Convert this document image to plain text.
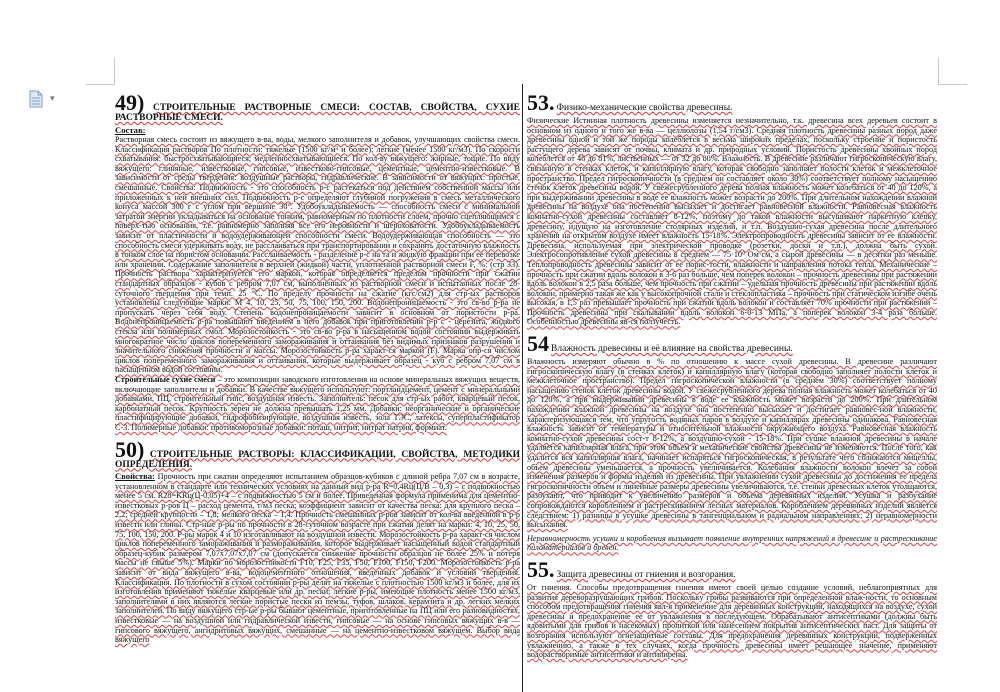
▾	49) СТРОИТЕЛЬНЫЕ РАСТВОРНЫЕ СМЕСИ: СОСТАВ, СВОЙСТВА, СУХИЕ РАСТВОРНЫЕ СМЕСИ.

Состав:
Растворная смесь состоит из вяжущего в-ва, воды, мелкого заполнителя и добавок, улучшающих свойства смеси. Классификация растворов По плотности: тяжелые (1500 кг/м³ и более); легкие (менее 1500 кг/м3). По скорости схватывания: быстросхватывающиеся; медленносхватывающиеся. По кол-ву вяжущего: жирные, тощие. По виду вяжущего: глиняные, известковые, гипсовые, известково-гипсовые, цементные, цементно-известковые. В зависимости от среды твердения: воздушные растворы, гидравлические. В зависимости от вяжущих: простые, смешанные. Свойства: Подвижность - это способность р-с растекаться под действием собственной массы или приложенных к ней внешних сил. Подвижность р-с определяют глубиной погружения в смесь металлического конуса массой 300 г с углом при вершине 30°. Удобоукладываемость — способность смеси с минимальной затратой энергии укладываться на основание тонким, равномерным по плотности слоем, прочно сцепляющимся с поверх-тью основания, т.е. равномерно заполняя все его неровности и шероховатости. Удобоукладываемость зависит от пластичности и водоудерживающей способности смеси. Водоудерживающая способность — это способность смеси удерживать воду, не расслаиваться при транспортировании и сохранять достаточную влажность в тонком слое на пористом основании. Расслаиваемость - разделение р-с на та и жидкую фракции при ее перевозке или хранении. Содержание заполнителя в верхней (жидкой) части, уплотненной растворной смеси F, %: (стр 33). Прочность раствора характеризуется его маркой, которая определяется пределом прочности при сжатии стандартных образцов - кубов с ребром 7,07 см, выполненных из растворной смеси и испытанных после 28-суточного твердения при темп. 25 °C. По пределу прочности на сжатие (кгс/см2) для стр-ых растворов установлены следующие марки: М 4, 10, 25, 50, 75, 100, 150, 200. Водонепроницаемость - это св-во р-ра не пропускать через себя воду. Степень водонепроницаемости зависит в основном от пористости р-ра. Водонепроницаемость р-ра повышают введением в него добавок при приготовлении р-р с - церезита, жидкого стекла или полимерных смол. Морозостойкость - это св-во р-ра в насыщенном водой состоянии выдерживать многократное число циклов попеременного замораживания и оттаивания без видимых признаков разрушения и значительного снижения прочности и массы. Морозостойкость р-ра характ-ся маркой (F). Марка опр-ся числом циклов попеременного замораживания и оттаивания, которые выдерживает образец - куб с ребром 7,07 см в насыщенном водой состоянии.
Строительные сухие смеси – это композиции заводского изготовления на основе минеральных вяжущих веществ, включающие заполнители и добавки. В качестве вяжущего используют: портландцемент, цемент с минеральными добавками, ПЦ, строительный гипс, воздушная известь. Заполнитель: песок для стр-ых работ, кварцевый песок, карбонатный песок. Крупность зерен не должна превышать 1,25 мм. Добавки: неорганические и органические пластифицирующие добавки, гидрофобизирующие, воздушная известь, зола ТЭС, латексы, суперпластификатор С-3. Полимерные добавки: противоморозные добавки: поташ, нитрит, нитрат натрия, формиат.

50) СТРОИТЕЛЬНЫЕ РАСТВОРЫ: КЛАССИФИКАЦИИ, СВОЙСТВА, МЕТОДИКИ ОПРЕДЕЛЕНИЯ.

Свойства: Прочность при сжатии определяют испытанием образцов-кубиков с длиной ребра 7,07 см в возрасте, установленном в стандарте или технических условиях на данный вид р-ра R=0,4Rц(Ц/В – 0,3) – с подвижностью менее 5 см. R28=KRц(Ц-0,05)+4 – с подвижностью 5 см и более. Приведенная формула применима для цементно-известковых р-ров Ц – расход цемента, т/м3 песка; коэффициент зависит от качества песка: для крупного песка – 2,2; средней крупности – 1,8; мелкого песка – 1,4. Прочность смешанных р-ров зависит от кол-ва введенной в р-р извести или глины. Стр-ные р-ры по прочности в 28-суточном возрасте при сжатии делят на марки: 4, 10, 25, 50, 75, 100, 150, 200. Р-ры марок 4 и 10 изготавливают на воздушной извести. Морозостойкость р-ра характ-ся числом циклов попеременного замораживания и размораживания, которое выдерживает насыщенный водой стандартный образец-кубик размером 7,07х7,07х7,07 см (допускается снижение прочности образцов не более 25% и потеря массы не свыше 5%). Марки по морозостойкости F10, F25, F35, F50, F100, F150, F200. Морозостойкость р-ра зависит от вида вяжущего в-ва, водоцементного отношения, введенных добавок и условий твердения. Классификация. По плотности в сухом состоянии р-ры делят на тяжелые с плотностью 1500 кг/м3 и более, для их изготовления применяют тяжелые кварцевые или др. пески; легкие р-ры, имеющие плотность менее 1500 кг/м3, заполнителями в них являются легкие пористые пески из пемзы, туфов, шлаков, керамзита и др. легких мелких заполнителей. По виду вяжущего стр-ые р-ры бывают цементные, приготовленные на ПЦ или его разновидностях, известковые — на воздушной или гидравлической извести, гипсовые — на основе гипсовых вяжущих в-в — гипсового вяжущего, ангидритовых вяжущих, смешанные — на цементно-известковом вяжущем. Выбор вида вяжущего

53. Физико-механические свойства древесины.

Физические Истинная плотность древесины изменяется незначительно, т.к. древесина всех деревьев состоит в основном из одного и того же в-ва — целлюлозы (1,54 г/см3). Средняя плотность древесины разных пород даже древесины одной и той же породы колеблется в весьма широких пределах, поскольку строение и пористость растущего дерева зависят от почвы, климата и др. природных условий. Пористость древесины хвойных пород колеблется от 46 до 81%, лиственных — от 32 до 80%. Влажность. В древесине различают гигроскопическую влагу, связанную в стенках клеток, и капиллярную влагу, которая свободно заполняет полости клеток и межклеточное пространство. Предел гигроскопичности (в среднем он составляет около 30%) соответствует полному насыщению стенок клеток древесины водой. У свежесрубленного дерева полная влажность может колебаться от 40 до 120%, а при выдерживании древесины в воде ее влажность может возрасти до 200%. При длительном нахождении влажной древесины на воздухе она постепенно высыхает и достигает равновесной влажности. Равновесная влажность комнатно-сухой древесины составляет 8-12%, поэтому до такой влажности высушивают паркетную клепку, древесину, идущую на изготовление столярных изделий, и т.п. Воздушно-сухая древесина после длительного хранения на открытом воздухе имеет влажность 15-18%. Электропроводность древесины зависит от ее влажности. Древесина, используемая при электрической проводке (розетки, доски и т.п.), должна быть сухой. Электросопротивление сухой древесины в среднем — 75·10⁹ Ом·см, а сырой древесины — в десятки раз меньше. Теплопроводность древесины зависит от ее порис-тости, влажности и направления потока тепла. Механические – прочность при сжатии вдоль волокон в 3-6 раз больше, чем поперек волокон – прочность древесины при растяжении вдоль волокон в 2,5 раза больше, чем прочность при сжатии – удельная прочность древесины при растяжении вдоль волокон, примерно такая же как у высокопрочной стали и стеклопластика – прочность при статическом изгибе очень высокая, в 1,5 раз превышает прочность при сжатии вдоль волокон и составляет 70% прочности при растяжении – Прочность древесины при скалывании вдоль волокон 6-0-13 МПа, а поперек волокон 3-4 раза больше. Особенностью древесины яв-ся ползучесть.

54 Влажность древесины и её влияние на свойства древесины.

Влажность измеряют обычно в % по отношению к массе сухой древесины. В древесине различают гигроскопическую влагу (в стенках клеток) и капиллярную влагу (которая свободно заполняет полости клеток и межклеточное пространство). Предел гигроскопической влажности (в среднем 30%) соответствует полному насыщению стенок клеток древесины водой. У свежесрубленного дерева полная влажность может колебаться от 40 до 120%, а при выдерживании древесины в воде ее влажность может возрасти до 200%. При длительном нахождении влажной древесины на воздухе она постепенно высыхает и достигает равновес-ной влажности, характеризующаяся тем, что упругость водяных паров в воздухе и капиллярах древесины одинакова. Равновесная влажность зависит от температуры и относительной влажности окружающего воздуха. Равновесная влажность комнатно-сухой древесины сост-т 8-12%, а воздушно-сухой - 15-18%. При сушке влажной древесины в начале удаляется капиллярная влага, при этом объем и механические свойства древесины не изменяются. После того, как удалится вся капиллярная влага, начинает испаряться гигроскопическая, в результате чего сближаются мицеллы, объем древесины уменьшается, а прочность увеличивается. Колебания влажности волокон влечет за собой изменения размеров и формы изделий из древесины. При увлажнении сухой древесины до достижения ее предела гигроскопичности объем и линейные размеры древесины увеличиваются, т.е. стенки древесных клеток утолщаются, разбухают, что приводит к увеличению размеров и объема деревянных изделий. Усушка и разбухание сопровождаются короблением и растрескиванием лесных материалов. Короблением деревянных изделий является следствием: 1) разницы в усушке древесины в тангенциальном и радиальном направлениях; 2) неравномерности высыхания.

Неравномерность усушки и коробления вызывает появление внутренних напряжений в древесине и растрескивание пиломатериалов и бревен.

55. Защита древесины от гниения и возгорания.

От гниения. Способы предотвращения гниения имеют своей целью создание условий, неблагоприятных для развития дереворазрушающих грибов. Поскольку грибы развиваются при определенной влаж-ности, то основным способом предотвращения гниения явл-я применение для деревянных конструкций, находящихся на воздухе, сухой древесины и предохранение ее от увлажнения в последующем. Обрабатывают антисептиками (должны быть ядовитыми для грибов и насекомых) пропиткой или нанесением покрытия антисептических паст. Для защиты от возгорания используют огнезащитные составы. Для предохранения деревянных конструкций, подверженных увлажнению, а также в тех случаях, когда прочность древесины имеет решающее значение, применяют водорастворимые антисептики и антипирены.
